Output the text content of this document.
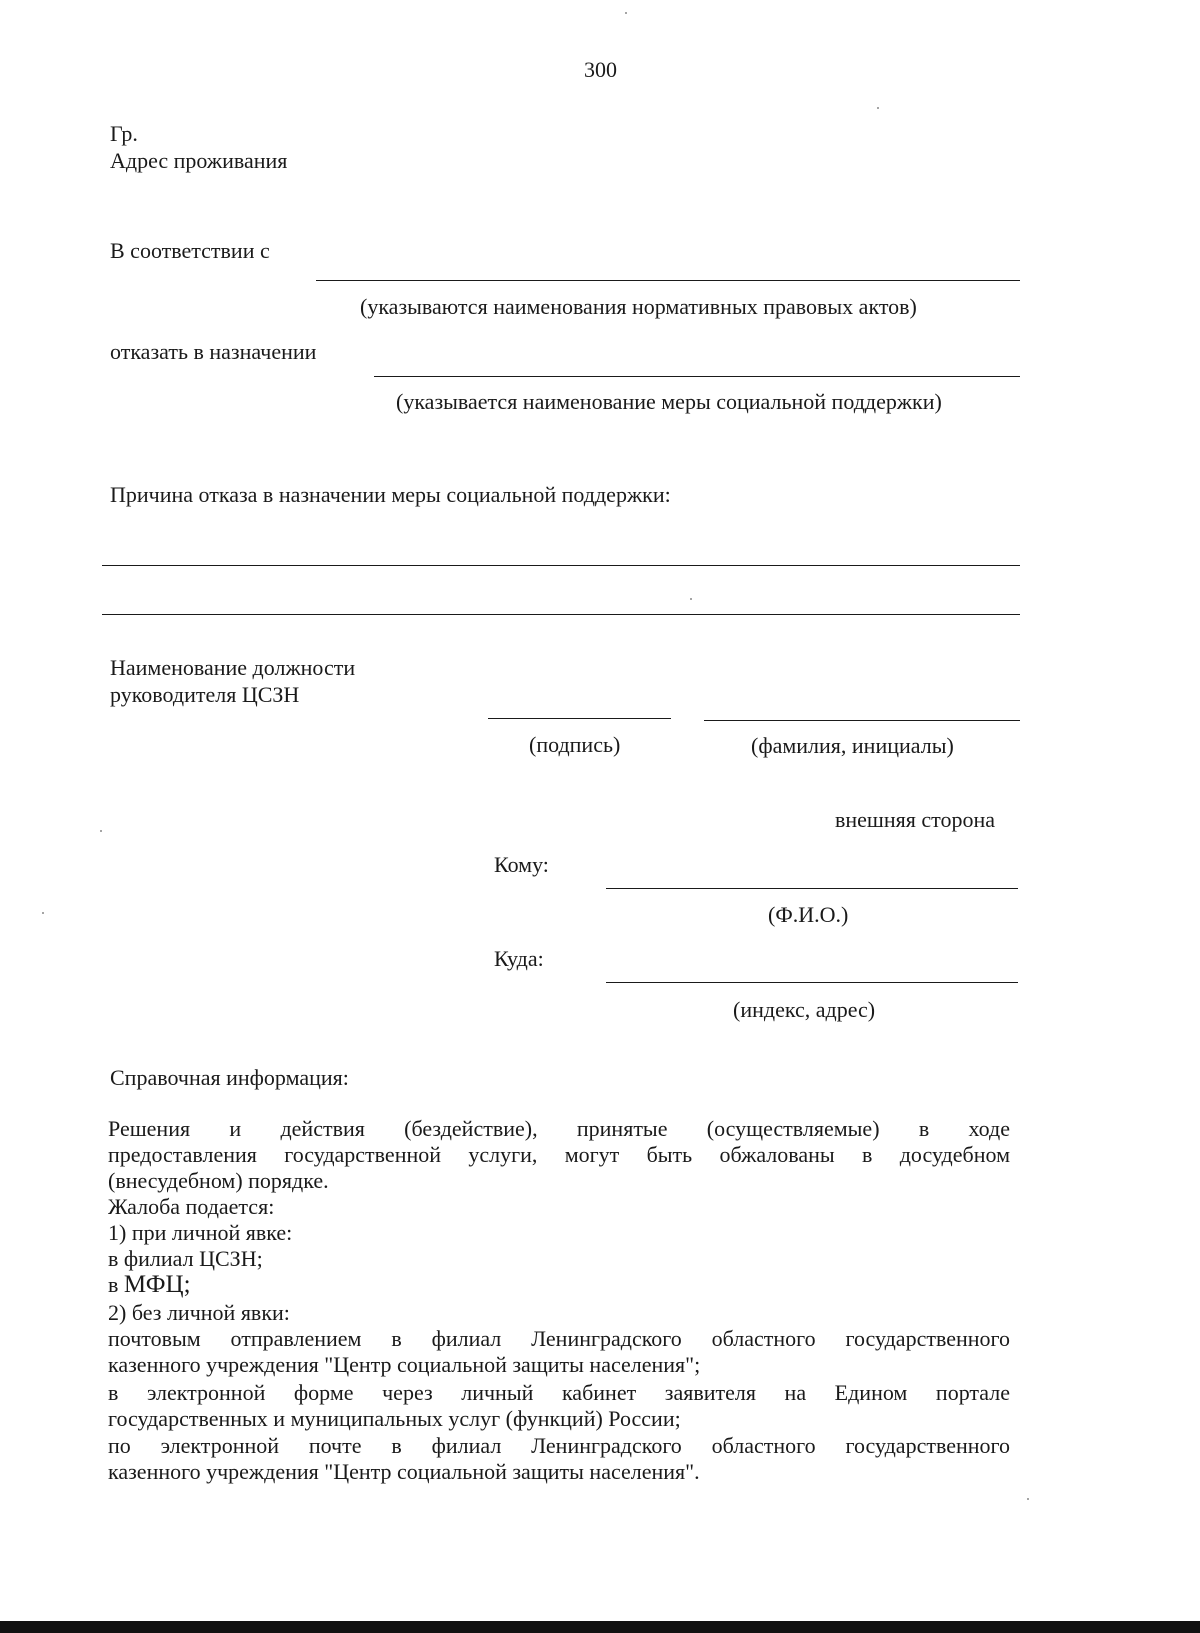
300
Гр.
Адрес проживания
В соответствии с
(указываются наименования нормативных правовых актов)
отказать в назначении
(указывается наименование меры социальной поддержки)
Причина отказа в назначении меры социальной поддержки:
Наименование должности
руководителя ЦСЗН
(подпись)	(фамилия, инициалы)
внешняя сторона
Кому:
(Ф.И.О.)
Куда:
(индекс, адрес)
Справочная информация:
Решения и действия (бездействие), принятые (осуществляемые) в ходе
предоставления государственной услуги, могут быть обжалованы в досудебном
(внесудебном) порядке.
Жалоба подается:
1) при личной явке:
в филиал ЦСЗН;
в МФЦ;
2) без личной явки:
почтовым отправлением в филиал Ленинградского областного государственного
казенного учреждения "Центр социальной защиты населения";
в электронной форме через личный кабинет заявителя на Едином портале
государственных и муниципальных услуг (функций) России;
по электронной почте в филиал Ленинградского областного государственного
казенного учреждения "Центр социальной защиты населения".
